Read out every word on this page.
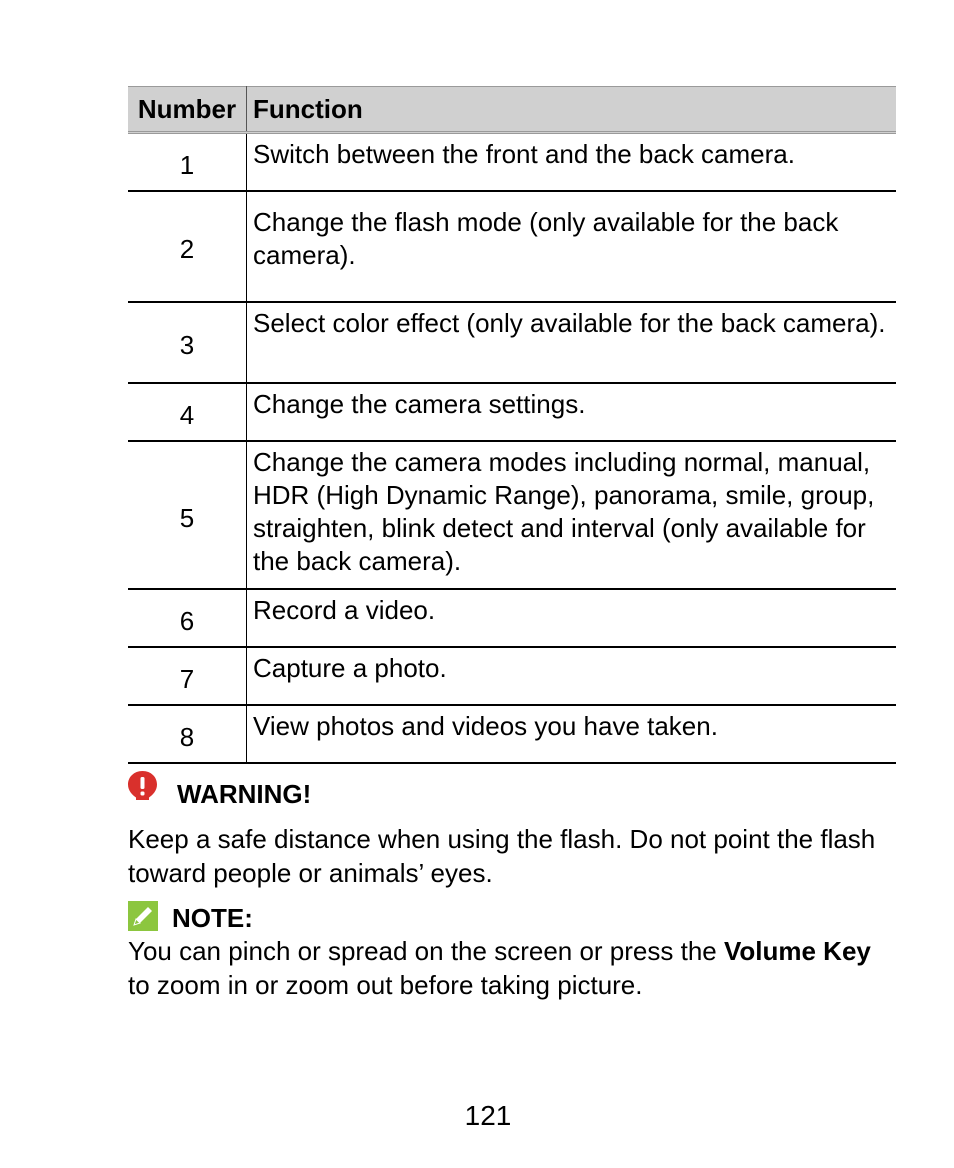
Number	Function
1	Switch between the front and the back camera.
2	Change the flash mode (only available for the back camera).
3	Select color effect (only available for the back camera).
4	Change the camera settings.
5	Change the camera modes including normal, manual, HDR (High Dynamic Range), panorama, smile, group, straighten, blink detect and interval (only available for the back camera).
6	Record a video.
7	Capture a photo.
8	View photos and videos you have taken.
WARNING!

Keep a safe distance when using the flash. Do not point the flash toward people or animals’ eyes.

NOTE:

You can pinch or spread on the screen or press the Volume Key to zoom in or zoom out before taking picture.

121
